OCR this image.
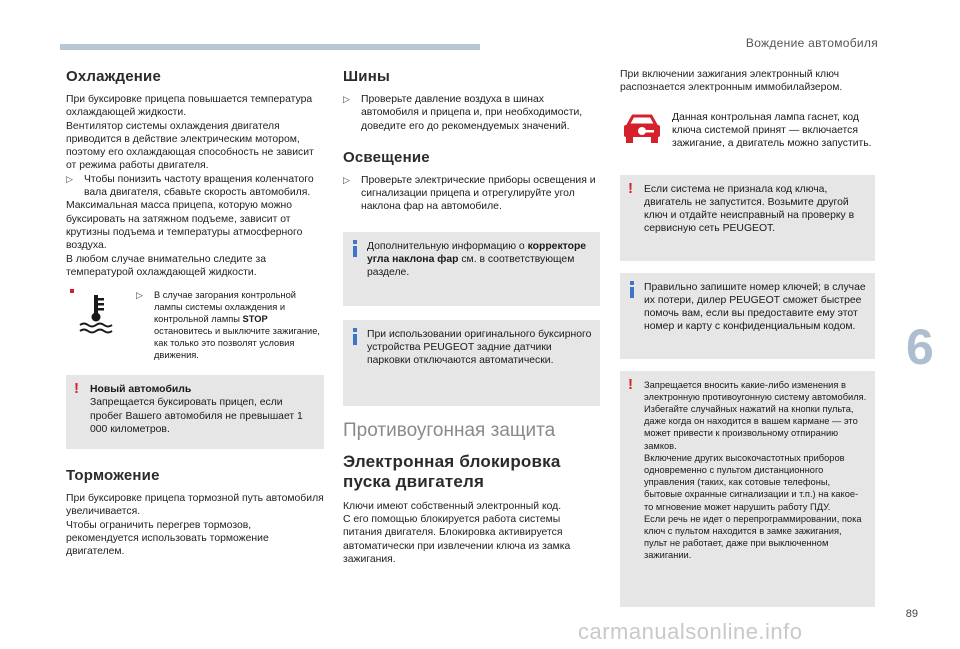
Вождение автомобиля
Охлаждение

При буксировке прицепа повышается температура охлаждающей жидкости.

Вентилятор системы охлаждения двигателя приводится в действие электрическим мотором, поэтому его охлаждающая способность не зависит от режима работы двигателя.

▷	Чтобы понизить частоту вращения коленчатого вала двигателя, сбавьте скорость автомобиля.

Максимальная масса прицепа, которую можно буксировать на затяжном подъеме, зависит от крутизны подъема и температуры атмосферного воздуха.

В любом случае внимательно следите за температурой охлаждающей жидкости.

▷	В случае загорания контрольной лампы системы охлаждения и контрольной лампы STOP остановитесь и выключите зажигание, как только это позволят условия движения.
! Новый автомобиль
Запрещается буксировать прицеп, если пробег Вашего автомобиля не превышает 1 000 километров.
Торможение

При буксировке прицепа тормозной путь автомобиля увеличивается.

Чтобы ограничить перегрев тормозов, рекомендуется использовать торможение двигателем.

Шины
▷	Проверьте давление воздуха в шинах автомобиля и прицепа и, при необходимости, доведите его до рекомендуемых значений.
Освещение
▷	Проверьте электрические приборы освещения и сигнализации прицепа и отрегулируйте угол наклона фар на автомобиле.
Дополнительную информацию о корректоре угла наклона фар см. в соответствующем разделе.
При использовании оригинального буксирного устройства PEUGEOT задние датчики парковки отключаются автоматически.
Противоугонная защита
Электронная блокировка пуска двигателя

Ключи имеют собственный электронный код.

С его помощью блокируется работа системы питания двигателя. Блокировка активируется автоматически при извлечении ключа из замка зажигания.

При включении зажигания электронный ключ распознается электронным иммобилайзером.

Данная контрольная лампа гаснет, код ключа системой принят — включается зажигание, а двигатель можно запустить.
! Если система не признала код ключа, двигатель не запустится. Возьмите другой ключ и отдайте неисправный на проверку в сервисную сеть PEUGEOT.
Правильно запишите номер ключей; в случае их потери, дилер PEUGEOT сможет быстрее помочь вам, если вы предоставите ему этот номер и карту с конфиденциальным кодом.
! Запрещается вносить какие-либо изменения в электронную противоугонную систему автомобиля. Избегайте случайных нажатий на кнопки пульта, даже когда он находится в вашем кармане — это может привести к произвольному отпиранию замков.
Включение других высокочастотных приборов одновременно с пультом дистанционного управления (таких, как сотовые телефоны, бытовые охранные сигнализации и т.п.) на какое-то мгновение может нарушить работу ПДУ.
Если речь не идет о перепрограммировании, пока ключ с пультом находится в замке зажигания, пульт не работает, даже при выключенном зажигании.
6
89
carmanualsonline.info
